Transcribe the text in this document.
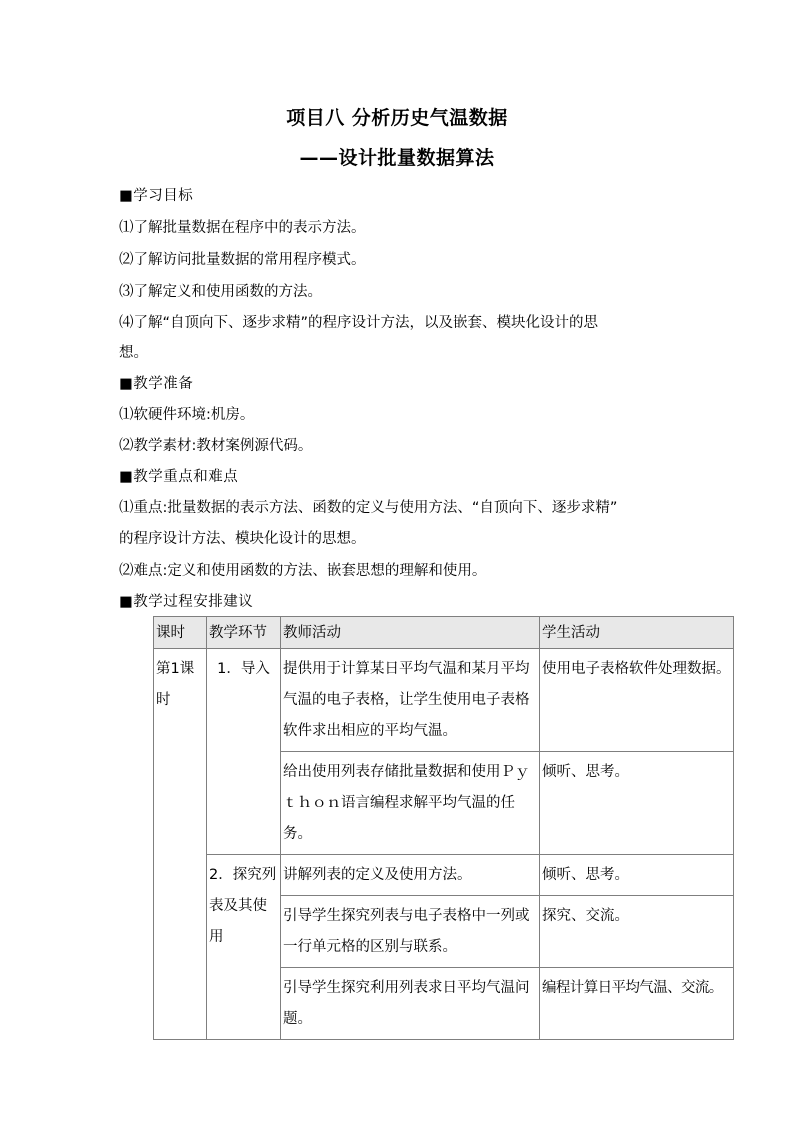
项目八 分析历史气温数据
——设计批量数据算法
■学习目标
⑴了解批量数据在程序中的表示方法。
⑵了解访问批量数据的常用程序模式。
⑶了解定义和使用函数的方法。
⑷了解“自顶向下、逐步求精”的程序设计方法，以及嵌套、模块化设计的思
想。
■教学准备
⑴软硬件环境:机房。
⑵教学素材:教材案例源代码。
■教学重点和难点
⑴重点:批量数据的表示方法、函数的定义与使用方法、“自顶向下、逐步求精”
的程序设计方法、模块化设计的思想。
⑵难点:定义和使用函数的方法、嵌套思想的理解和使用。
■教学过程安排建议
课时	教学环节	教师活动	学生活动
第1课时	1．导入	提供用于计算某日平均气温和某月平均气温的电子表格，让学生使用电子表格软件求出相应的平均气温。	使用电子表格软件处理数据。
		给出使用列表存储批量数据和使用Ｐｙｔｈｏｎ语言编程求解平均气温的任务。	倾听、思考。
	2．探究列表及其使用	讲解列表的定义及使用方法。	倾听、思考。
		引导学生探究列表与电子表格中一列或一行单元格的区别与联系。	探究、交流。
		引导学生探究利用列表求日平均气温问题。	编程计算日平均气温、交流。
